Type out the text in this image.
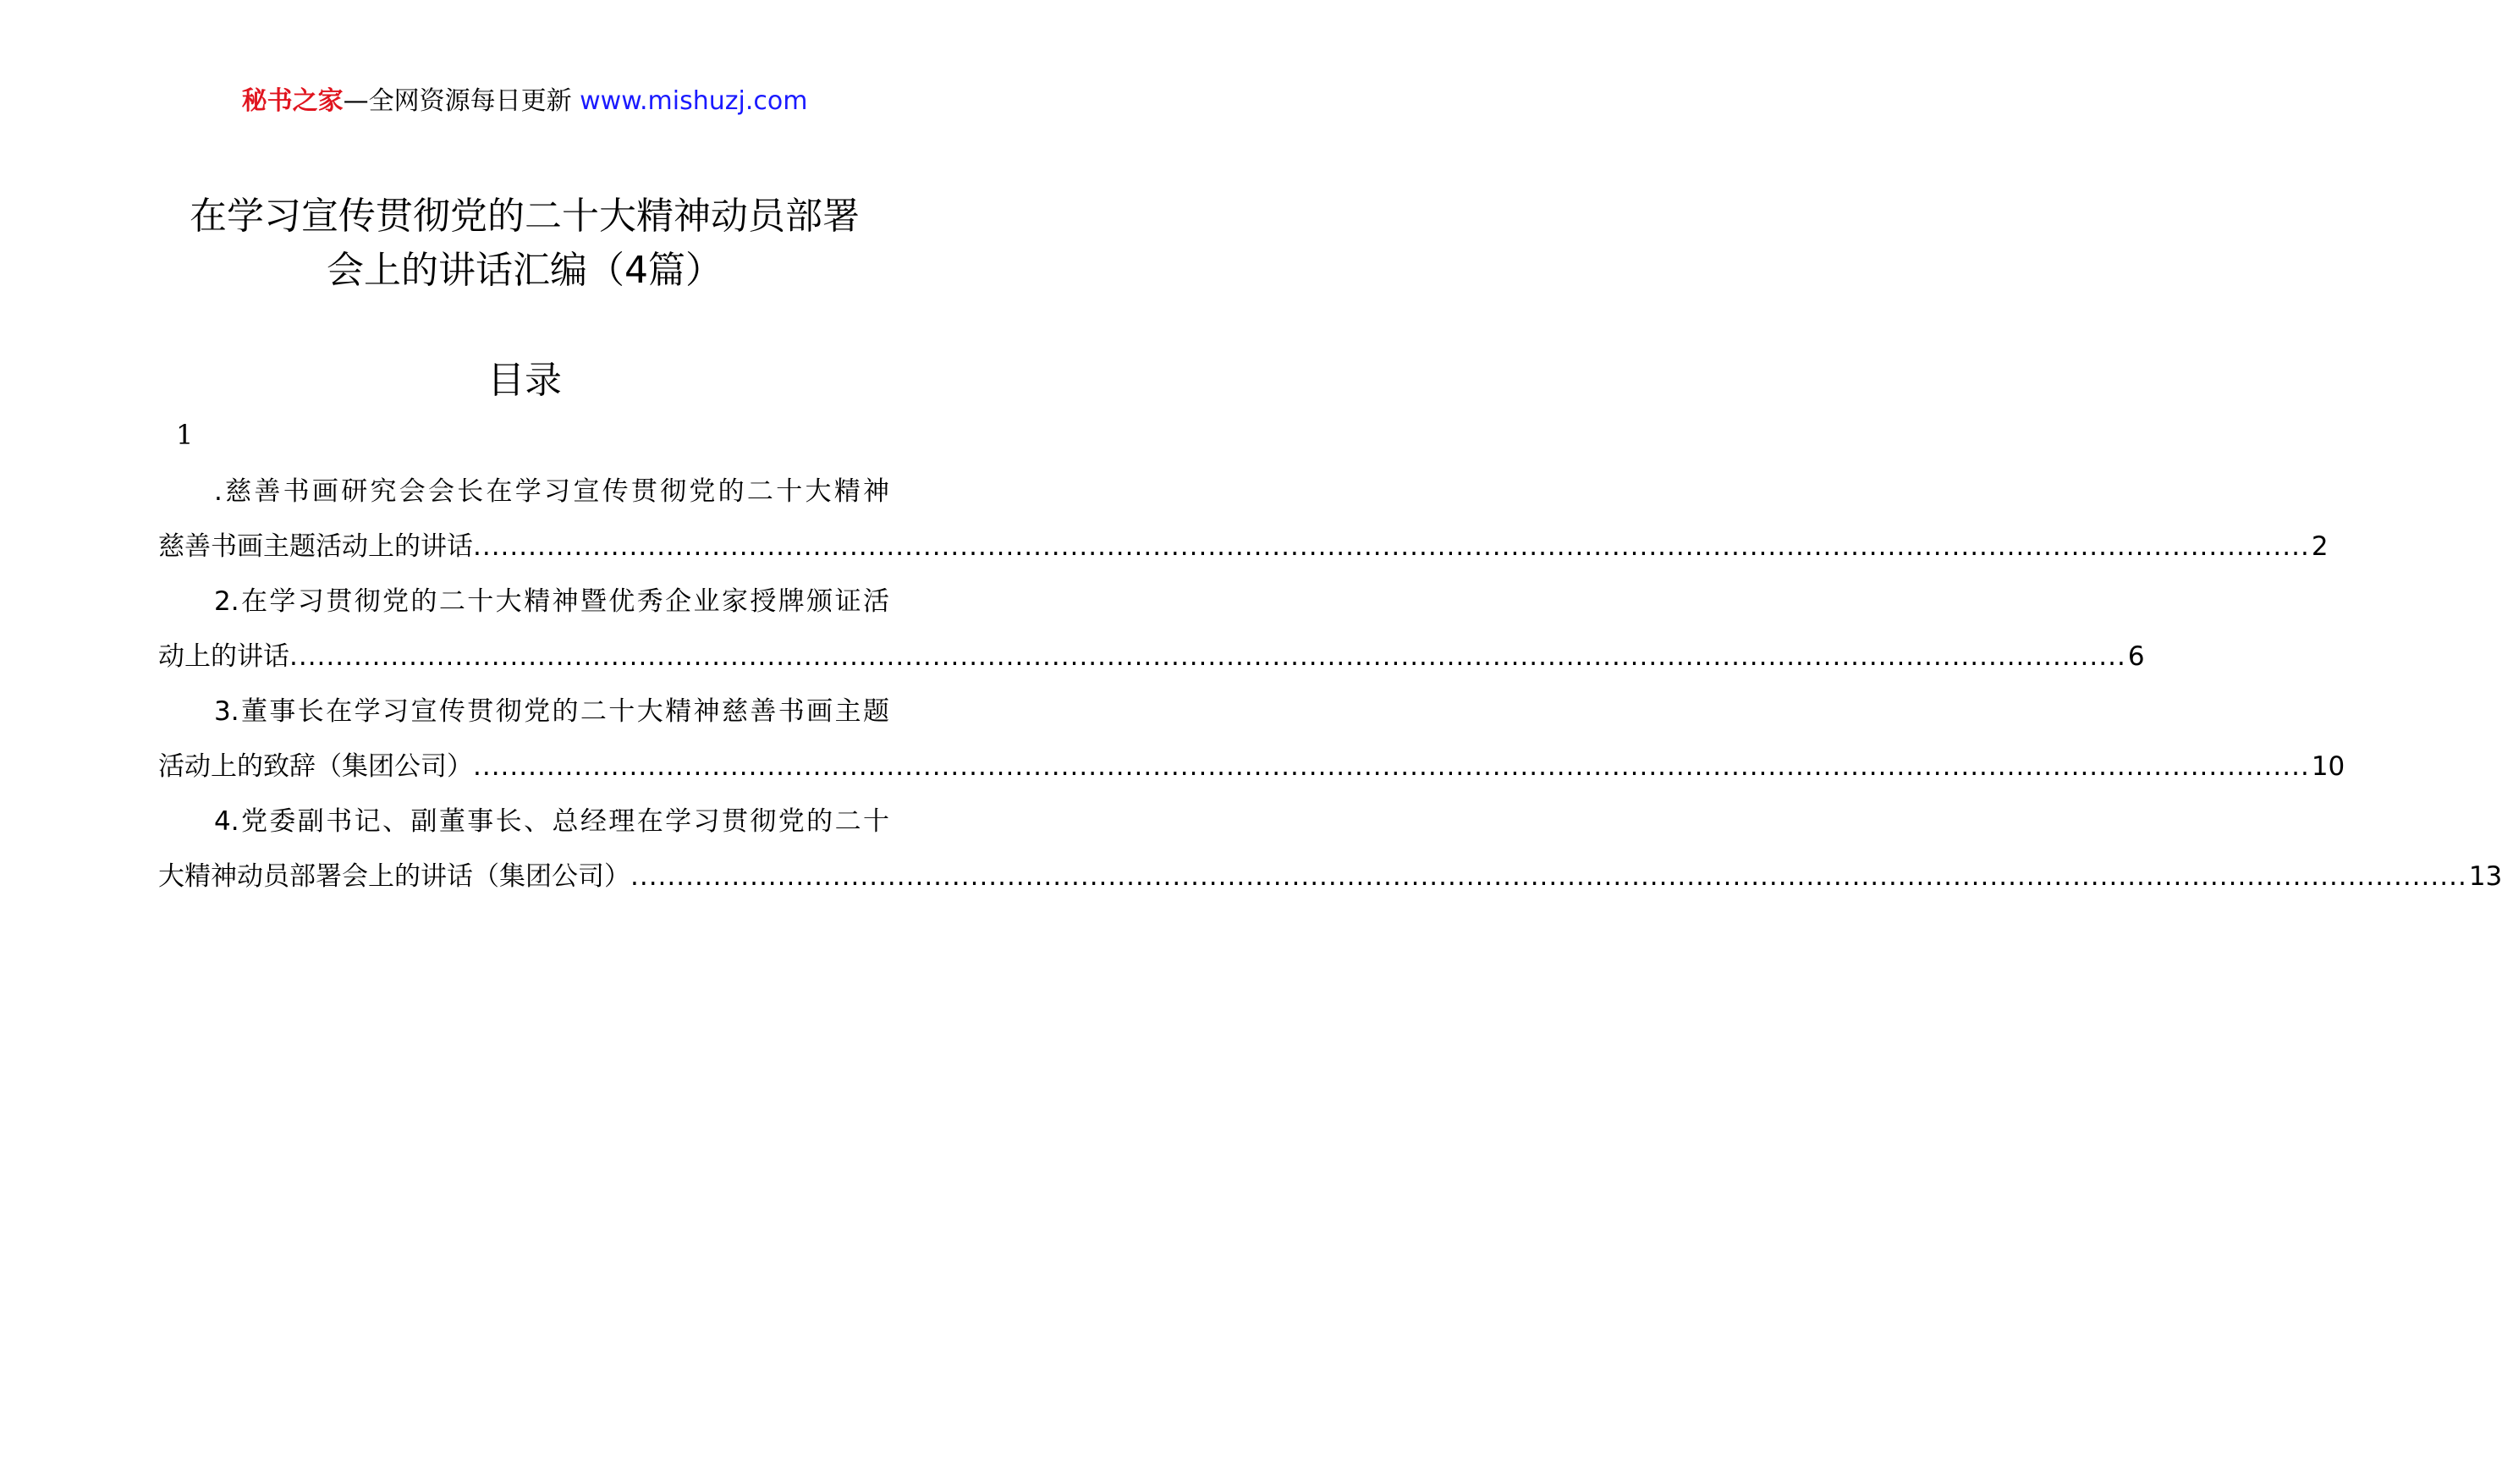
秘书之家—全网资源每日更新 www.mishuzj.com
在学习宣传贯彻党的二十大精神动员部署
会上的讲话汇编（4篇）
目录
1
.慈善书画研究会会长在学习宣传贯彻党的二十大精神
慈善书画主题活动上的讲话 ........................................................................................................................................................................................................ 2
2.在学习贯彻党的二十大精神暨优秀企业家授牌颁证活
动上的讲话 ........................................................................................................................................................................................................ 6
3.董事长在学习宣传贯彻党的二十大精神慈善书画主题
活动上的致辞（集团公司） ........................................................................................................................................................................................................ 10
4.党委副书记、副董事长、总经理在学习贯彻党的二十
大精神动员部署会上的讲话（集团公司） ........................................................................................................................................................................................................ 13
